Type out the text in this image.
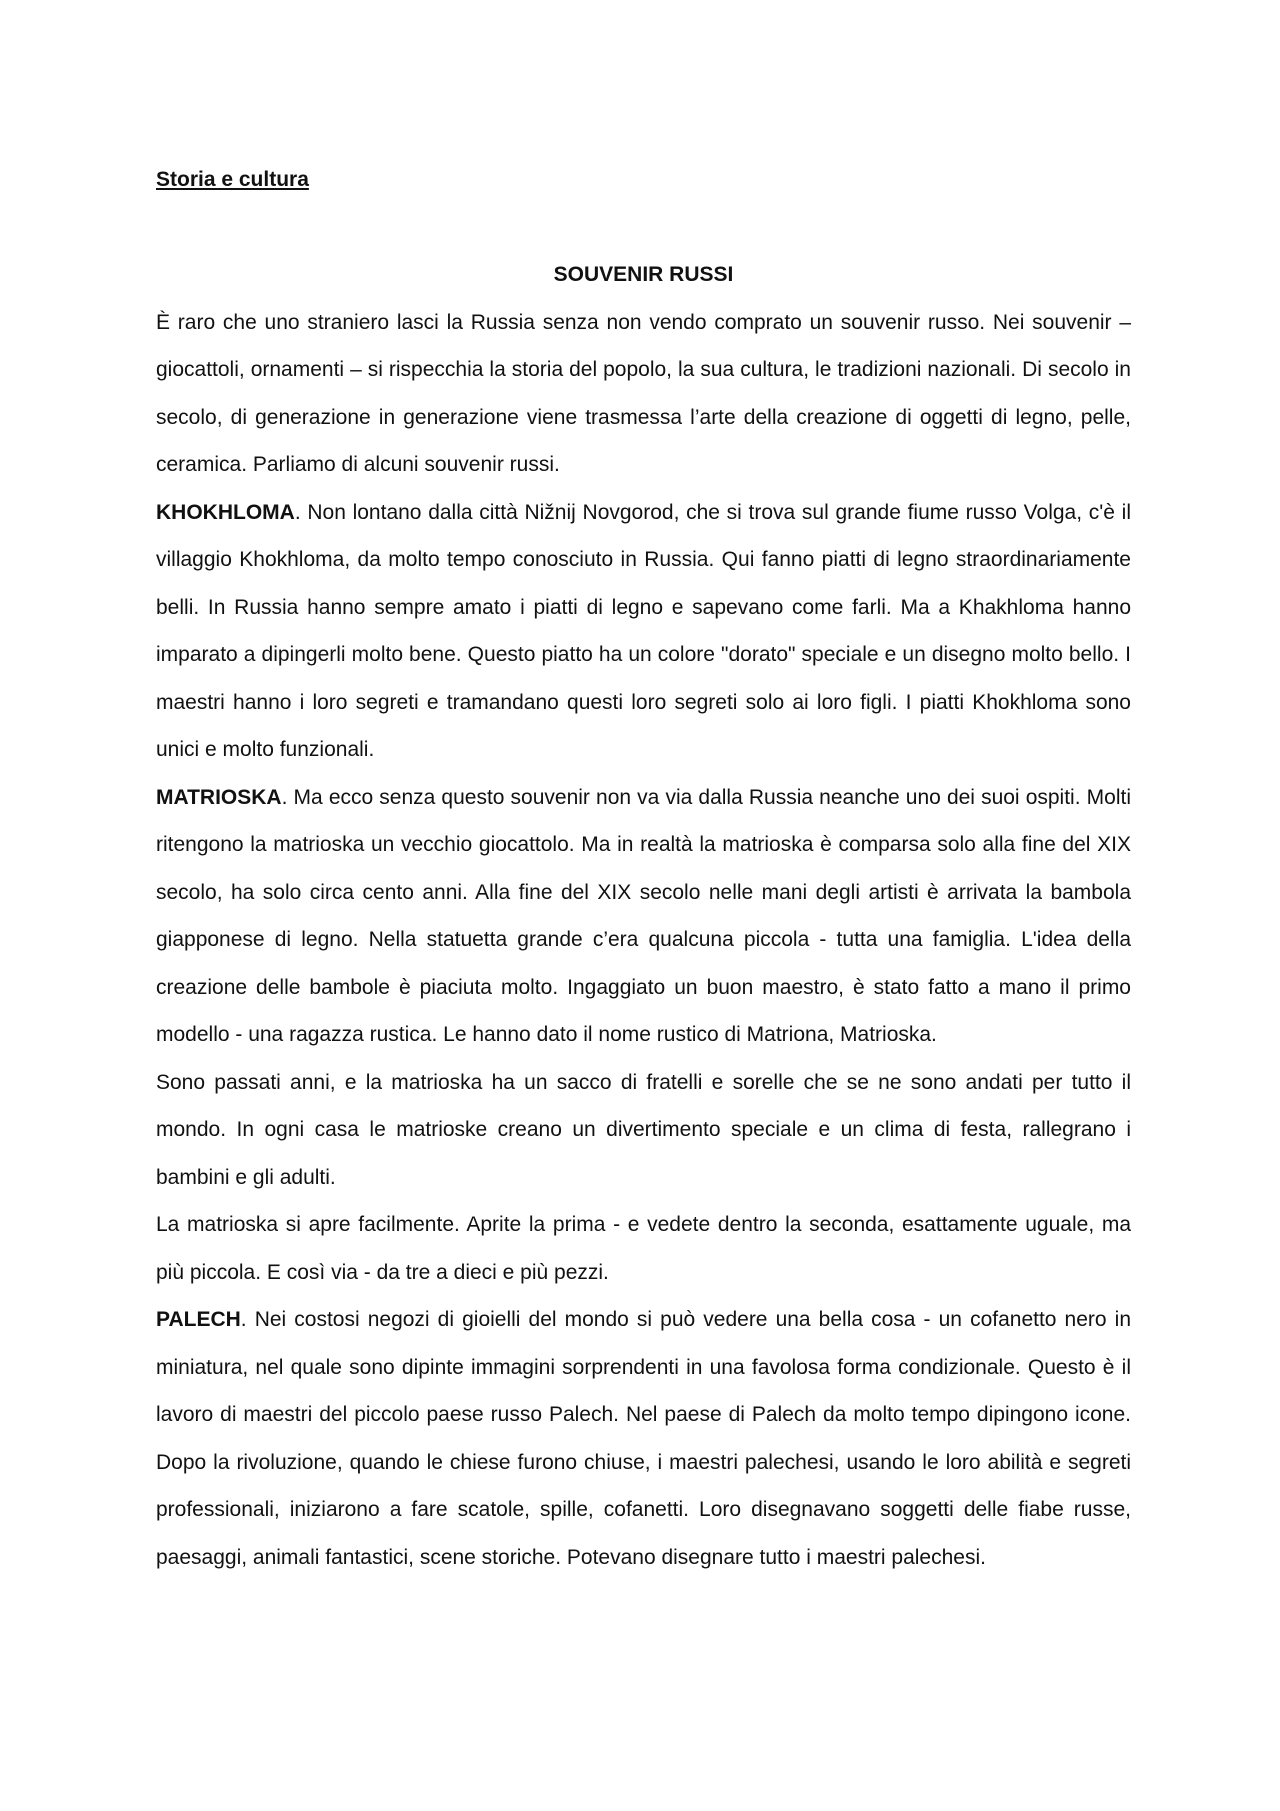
Storia e cultura
SOUVENIR RUSSI

È raro che uno straniero lasci la Russia senza non vendo comprato un souvenir russo. Nei souvenir – giocattoli, ornamenti – si rispecchia la storia del popolo, la sua cultura, le tradizioni nazionali. Di secolo in secolo, di generazione in generazione viene trasmessa l’arte della creazione di oggetti di legno, pelle, ceramica. Parliamo di alcuni souvenir russi.

KHOKHLOMA. Non lontano dalla città Nižnij Novgorod, che si trova sul grande fiume russo Volga, c'è il villaggio Khokhloma, da molto tempo conosciuto in Russia. Qui fanno piatti di legno straordinariamente belli. In Russia hanno sempre amato i piatti di legno e sapevano come farli. Ma a Khakhloma hanno imparato a dipingerli molto bene. Questo piatto ha un colore "dorato" speciale e un disegno molto bello. I maestri hanno i loro segreti e tramandano questi loro segreti solo ai loro figli. I piatti Khokhloma sono unici e molto funzionali.

MATRIOSKA. Ma ecco senza questo souvenir non va via dalla Russia neanche uno dei suoi ospiti. Molti ritengono la matrioska un vecchio giocattolo. Ma in realtà la matrioska è comparsa solo alla fine del XIX secolo, ha solo circa cento anni. Alla fine del XIX secolo nelle mani degli artisti è arrivata la bambola giapponese di legno. Nella statuetta grande c’era qualcuna piccola - tutta una famiglia. L'idea della creazione delle bambole è piaciuta molto. Ingaggiato un buon maestro, è stato fatto a mano il primo modello - una ragazza rustica. Le hanno dato il nome rustico di Matriona, Matrioska.

Sono passati anni, e la matrioska ha un sacco di fratelli e sorelle che se ne sono andati per tutto il mondo. In ogni casa le matrioske creano un divertimento speciale e un clima di festa, rallegrano i bambini e gli adulti.

La matrioska si apre facilmente. Aprite la prima - e vedete dentro la seconda, esattamente uguale, ma più piccola. E così via - da tre a dieci e più pezzi.

PALECH. Nei costosi negozi di gioielli del mondo si può vedere una bella cosa - un cofanetto nero in miniatura, nel quale sono dipinte immagini sorprendenti in una favolosa forma condizionale. Questo è il lavoro di maestri del piccolo paese russo Palech. Nel paese di Palech da molto tempo dipingono icone. Dopo la rivoluzione, quando le chiese furono chiuse, i maestri palechesi, usando le loro abilità e segreti professionali, iniziarono a fare scatole, spille, cofanetti. Loro disegnavano soggetti delle fiabe russe, paesaggi, animali fantastici, scene storiche. Potevano disegnare tutto i maestri palechesi.
